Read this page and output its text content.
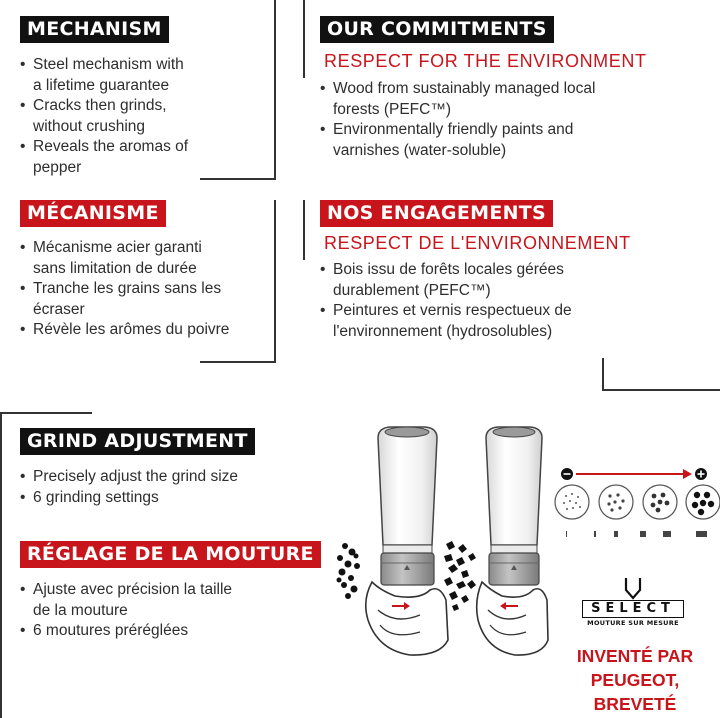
MECHANISM
• Steel mechanism with
a lifetime guarantee
• Cracks then grinds,
without crushing
• Reveals the aromas of
pepper
MÉCANISME
• Mécanisme acier garanti
sans limitation de durée
• Tranche les grains sans les
écraser
• Révèle les arômes du poivre
OUR COMMITMENTS
RESPECT FOR THE ENVIRONMENT
• Wood from sustainably managed local
forests (PEFC™)
• Environmentally friendly paints and
varnishes (water-soluble)
NOS ENGAGEMENTS
RESPECT DE L'ENVIRONNEMENT
• Bois issu de forêts locales gérées
durablement (PEFC™)
• Peintures et vernis respectueux de
l'environnement (hydrosolubles)
GRIND ADJUSTMENT
• Precisely adjust the grind size
• 6 grinding settings
RÉGLAGE DE LA MOUTURE
• Ajuste avec précision la taille
de la mouture
• 6 moutures préréglées
SELECT
MOUTURE SUR MESURE
INVENTÉ PAR
PEUGEOT,
BREVETÉ
